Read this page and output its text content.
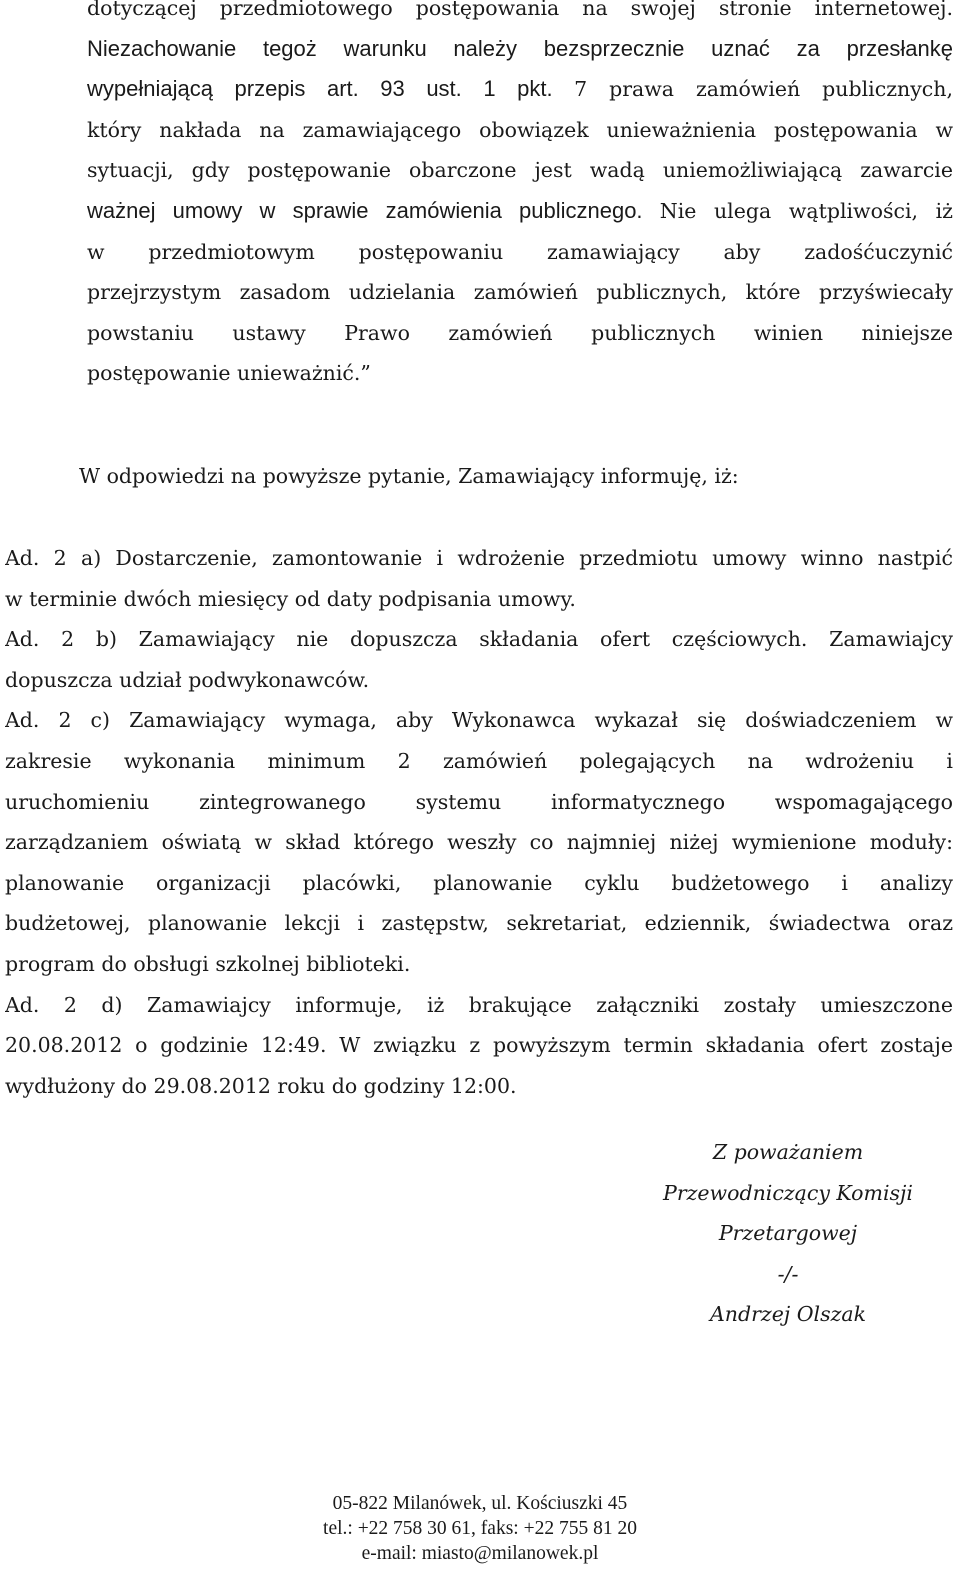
dotyczącej przedmiotowego postępowania na swojej stronie internetowej.
Niezachowanie tegoż warunku należy bezsprzecznie uznać za przesłankę
wypełniającą przepis art. 93 ust. 1 pkt. 7 prawa zamówień publicznych,
który nakłada na zamawiającego obowiązek unieważnienia postępowania w
sytuacji, gdy postępowanie obarczone jest wadą uniemożliwiającą zawarcie
ważnej umowy w sprawie zamówienia publicznego. Nie ulega wątpliwości, iż
w przedmiotowym postępowaniu zamawiający aby zadośćuczynić
przejrzystym zasadom udzielania zamówień publicznych, które przyświecały
powstaniu ustawy Prawo zamówień publicznych winien niniejsze
postępowanie unieważnić.”
W odpowiedzi na powyższe pytanie, Zamawiający informuję, iż:
Ad. 2 a) Dostarczenie, zamontowanie i wdrożenie przedmiotu umowy winno nastpić
w terminie dwóch miesięcy od daty podpisania umowy.
Ad. 2 b) Zamawiający nie dopuszcza składania ofert częściowych. Zamawiajcy
dopuszcza udział podwykonawców.
Ad. 2 c) Zamawiający wymaga, aby Wykonawca wykazał się doświadczeniem w
zakresie wykonania minimum 2 zamówień polegających na wdrożeniu i
uruchomieniu zintegrowanego systemu informatycznego wspomagającego
zarządzaniem oświatą w skład którego weszły co najmniej niżej wymienione moduły:
planowanie organizacji placówki, planowanie cyklu budżetowego i analizy
budżetowej, planowanie lekcji i zastępstw, sekretariat, edziennik, świadectwa oraz
program do obsługi szkolnej biblioteki.
Ad. 2 d) Zamawiajcy informuje, iż brakujące załączniki zostały umieszczone
20.08.2012 o godzinie 12:49. W związku z powyższym termin składania ofert zostaje
wydłużony do 29.08.2012 roku do godziny 12:00.
Z poważaniem
Przewodniczący Komisji
Przetargowej
-/-
Andrzej Olszak
05-822 Milanówek, ul. Kościuszki 45
tel.: +22 758 30 61, faks: +22 755 81 20
e-mail: miasto@milanowek.pl
